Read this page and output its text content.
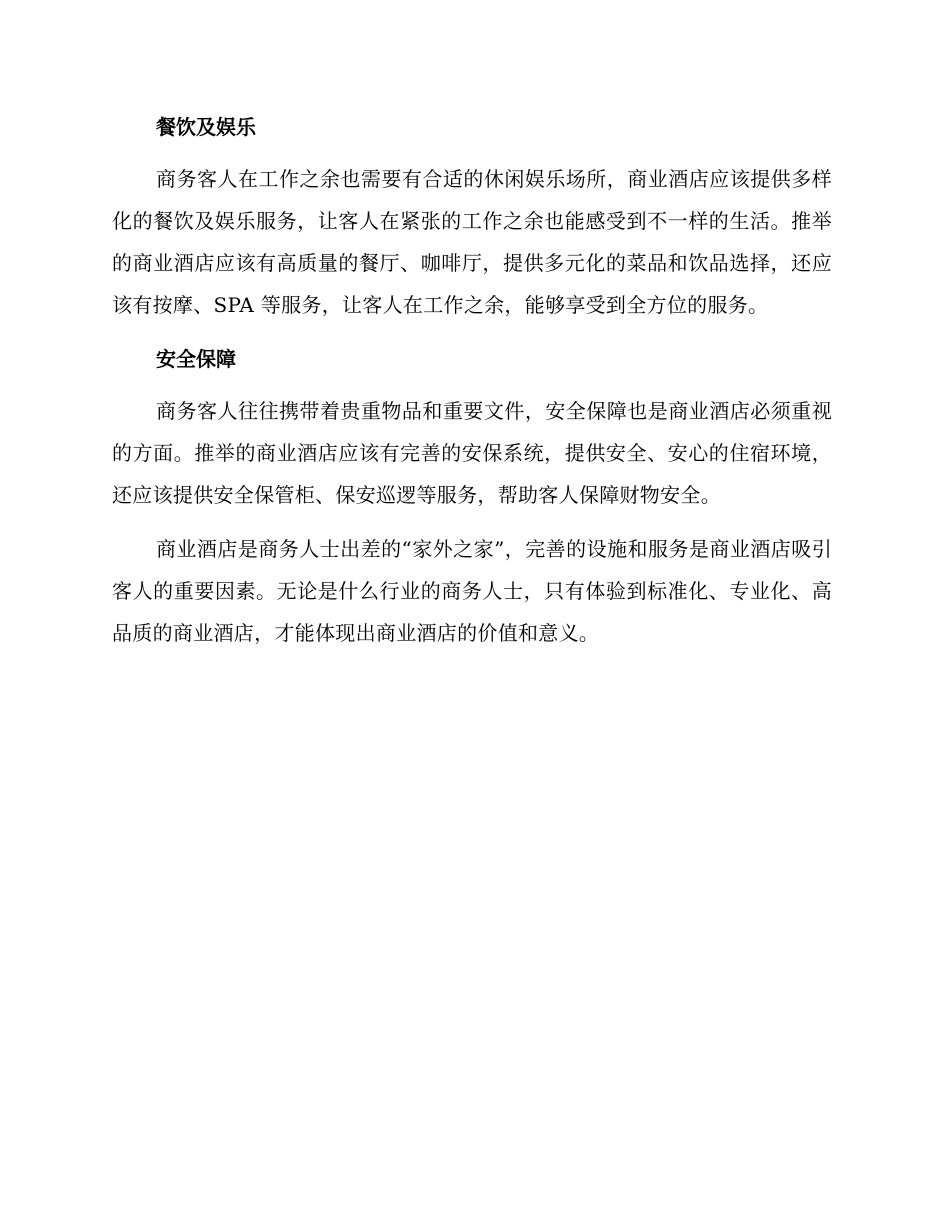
餐饮及娱乐

商务客人在工作之余也需要有合适的休闲娱乐场所，商业酒店应该提供多样化的餐饮及娱乐服务，让客人在紧张的工作之余也能感受到不一样的生活。推举的商业酒店应该有高质量的餐厅、咖啡厅，提供多元化的菜品和饮品选择，还应该有按摩、SPA 等服务，让客人在工作之余，能够享受到全方位的服务。

安全保障

商务客人往往携带着贵重物品和重要文件，安全保障也是商业酒店必须重视的方面。推举的商业酒店应该有完善的安保系统，提供安全、安心的住宿环境，还应该提供安全保管柜、保安巡逻等服务，帮助客人保障财物安全。

商业酒店是商务人士出差的“家外之家”，完善的设施和服务是商业酒店吸引客人的重要因素。无论是什么行业的商务人士，只有体验到标准化、专业化、高品质的商业酒店，才能体现出商业酒店的价值和意义。
